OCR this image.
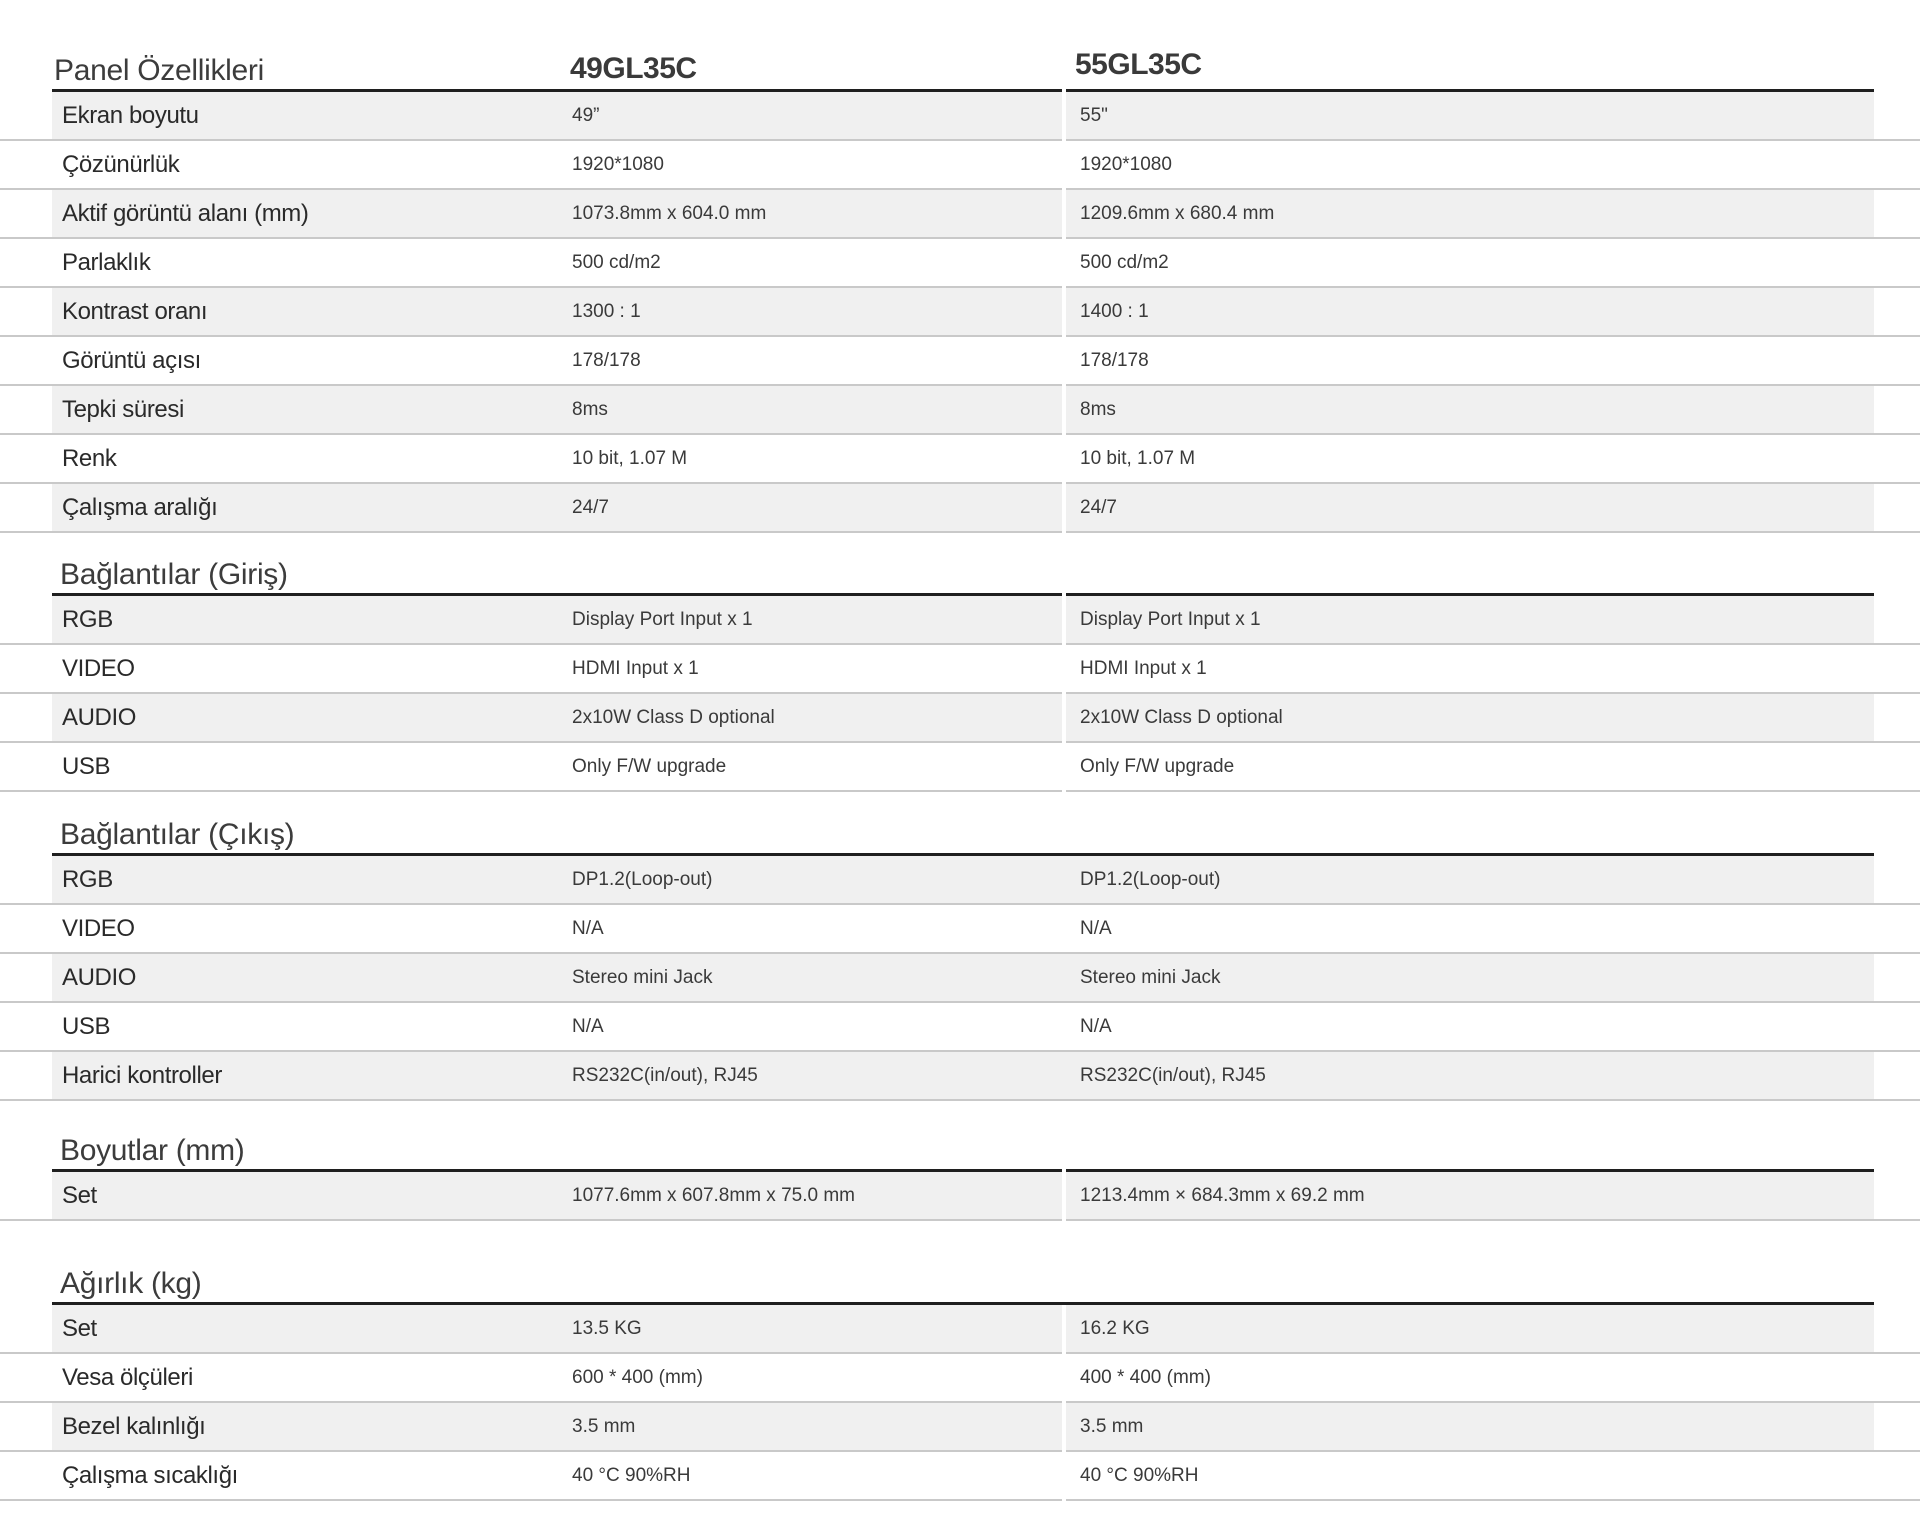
Panel Özellikleri	49GL35C	55GL35C
Ekran boyutu	49”	55"
Çözünürlük	1920*1080	1920*1080
Aktif görüntü alanı (mm)	1073.8mm x 604.0 mm	1209.6mm x 680.4 mm
Parlaklık	500 cd/m2	500 cd/m2
Kontrast oranı	1300 : 1	1400 : 1
Görüntü açısı	178/178	178/178
Tepki süresi	8ms	8ms
Renk	10 bit, 1.07 M	10 bit, 1.07 M
Çalışma aralığı	24/7	24/7
Bağlantılar (Giriş)
RGB	Display Port Input x 1	Display Port Input x 1
VIDEO	HDMI Input x 1	HDMI Input x 1
AUDIO	2x10W Class D optional	2x10W Class D optional
USB	Only F/W upgrade	Only F/W upgrade
Bağlantılar (Çıkış)
RGB	DP1.2(Loop-out)	DP1.2(Loop-out)
VIDEO	N/A	N/A
AUDIO	Stereo mini Jack	Stereo mini Jack
USB	N/A	N/A
Harici kontroller	RS232C(in/out), RJ45	RS232C(in/out), RJ45
Boyutlar (mm)
Set	1077.6mm x 607.8mm x 75.0 mm	1213.4mm × 684.3mm x 69.2 mm
Ağırlık (kg)
Set	13.5 KG	16.2 KG
Vesa ölçüleri	600 * 400 (mm)	400 * 400 (mm)
Bezel kalınlığı	3.5 mm	3.5 mm
Çalışma sıcaklığı	40 °C 90%RH	40 °C 90%RH
